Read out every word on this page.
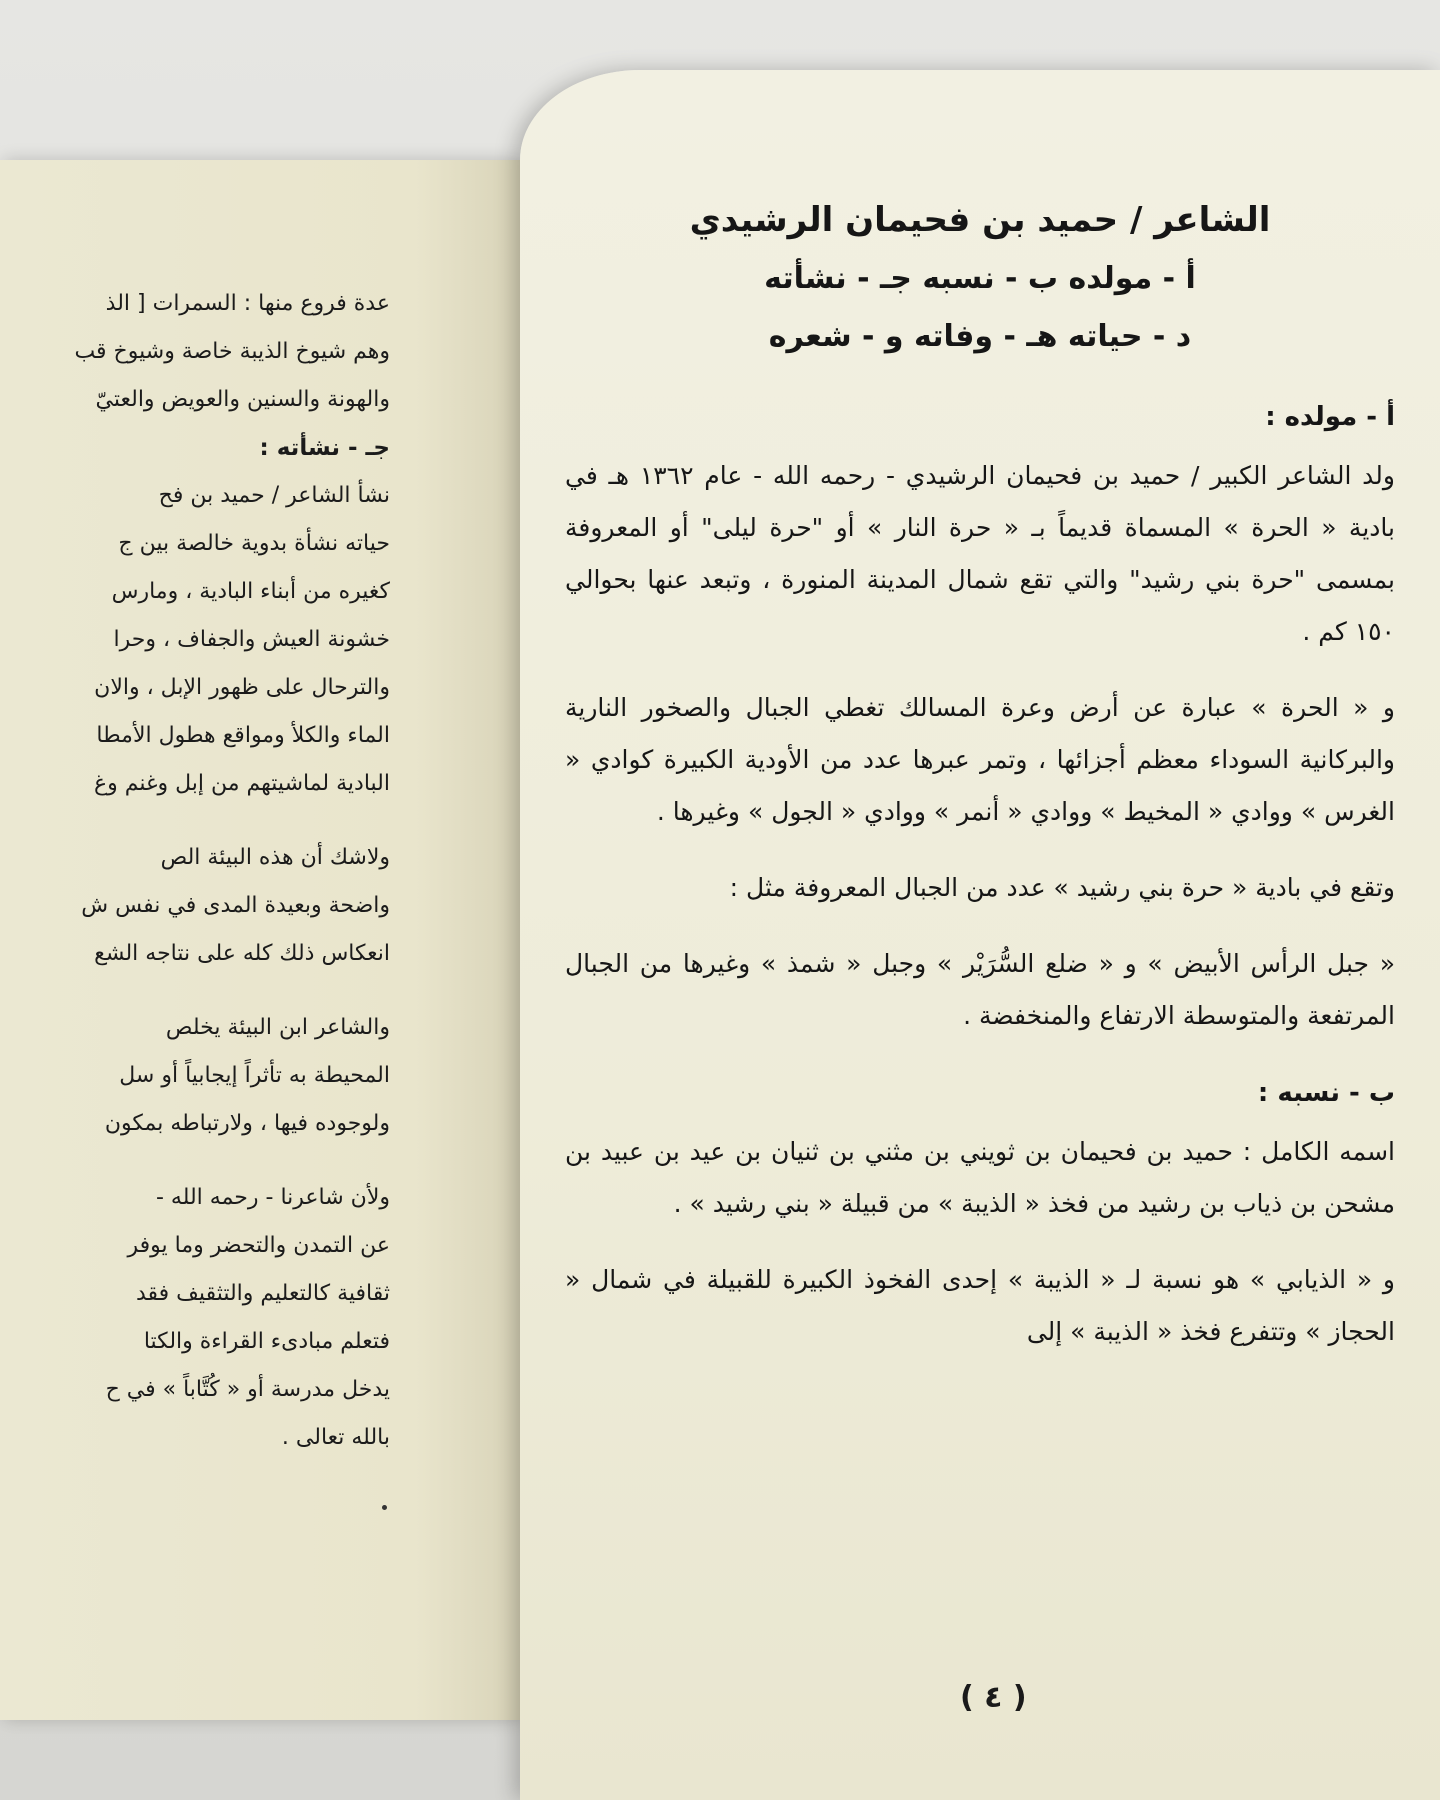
عدة فروع منها : السمرات [ الذ

وهم شيوخ الذيبة خاصة وشيوخ قب

والهونة والسنين والعويض والعتيّ

جـ - نشأته :

نشأ الشاعر / حميد بن فح

حياته نشأة بدوية خالصة بين ج

كغيره من أبناء البادية ، ومارس

خشونة العيش والجفاف ، وحرا

والترحال على ظهور الإبل ، والان

الماء والكلأ ومواقع هطول الأمطا

البادية لماشيتهم من إبل وغنم وغ

ولاشك أن هذه البيئة الص

واضحة وبعيدة المدى في نفس ش

انعكاس ذلك كله على نتاجه الشع

والشاعر ابن البيئة يخلص

المحيطة به تأثراً إيجابياً أو سل

ولوجوده فيها ، ولارتباطه بمكون

ولأن شاعرنا - رحمه الله -

عن التمدن والتحضر وما يوفر

ثقافية كالتعليم والتثقيف فقد

فتعلم مبادىء القراءة والكتا

يدخل مدرسة أو « كُتَّاباً » في ح

بالله تعالى .

الشاعر / حميد بن فحيمان الرشيدي

أ - مولده ب - نسبه جـ - نشأته

د - حياته هـ - وفاته و - شعره

أ - مولده :

ولد الشاعر الكبير / حميد بن فحيمان الرشيدي - رحمه الله - عام ١٣٦٢ هـ في بادية « الحرة » المسماة قديماً بـ « حرة النار » أو "حرة ليلى" أو المعروفة بمسمى "حرة بني رشيد" والتي تقع شمال المدينة المنورة ، وتبعد عنها بحوالي ١٥٠ كم .

و « الحرة » عبارة عن أرض وعرة المسالك تغطي الجبال والصخور النارية والبركانية السوداء معظم أجزائها ، وتمر عبرها عدد من الأودية الكبيرة كوادي « الغرس » ووادي « المخيط » ووادي « أنمر » ووادي « الجول » وغيرها .

وتقع في بادية « حرة بني رشيد » عدد من الجبال المعروفة مثل :

« جبل الرأس الأبيض » و « ضلع السُّرَيْر » وجبل « شمذ » وغيرها من الجبال المرتفعة والمتوسطة الارتفاع والمنخفضة .

ب - نسبه :

اسمه الكامل : حميد بن فحيمان بن ثويني بن مثني بن ثنيان بن عيد بن عبيد بن مشحن بن ذياب بن رشيد من فخذ « الذيبة » من قبيلة « بني رشيد » .

و « الذيابي » هو نسبة لـ « الذيبة » إحدى الفخوذ الكبيرة للقبيلة في شمال « الحجاز » وتتفرع فخذ « الذيبة » إلى

( ٤ )
